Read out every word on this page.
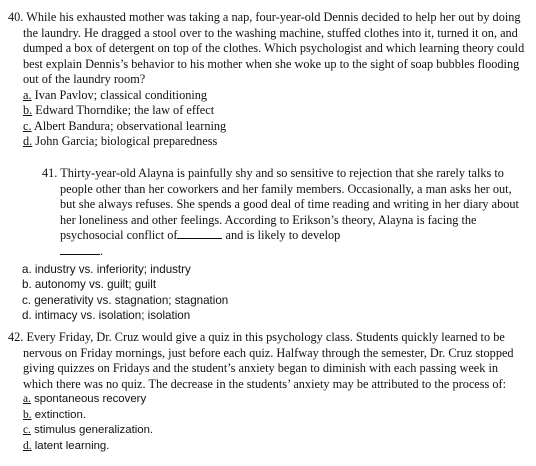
40. While his exhausted mother was taking a nap, four-year-old Dennis decided to help her out by doing the laundry. He dragged a stool over to the washing machine, stuffed clothes into it, turned it on, and dumped a box of detergent on top of the clothes. Which psychologist and which learning theory could best explain Dennis’s behavior to his mother when she woke up to the sight of soap bubbles flooding out of the laundry room?
a. Ivan Pavlov; classical conditioning
b. Edward Thorndike; the law of effect
c. Albert Bandura; observational learning
d. John Garcia; biological preparedness
41. Thirty-year-old Alayna is painfully shy and so sensitive to rejection that she rarely talks to people other than her coworkers and her family members. Occasionally, a man asks her out, but she always refuses. She spends a good deal of time reading and writing in her diary about her loneliness and other feelings. According to Erikson’s theory, Alayna is facing the psychosocial conflict of	and is likely to develop
.
a. industry vs. inferiority; industry
b. autonomy vs. guilt; guilt
c. generativity vs. stagnation; stagnation
d. intimacy vs. isolation; isolation
42. Every Friday, Dr. Cruz would give a quiz in this psychology class. Students quickly learned to be nervous on Friday mornings, just before each quiz. Halfway through the semester, Dr. Cruz stopped giving quizzes on Fridays and the student’s anxiety began to diminish with each passing week in which there was no quiz. The decrease in the students’ anxiety may be attributed to the process of:
a. spontaneous recovery
b. extinction.
c. stimulus generalization.
d. latent learning.
